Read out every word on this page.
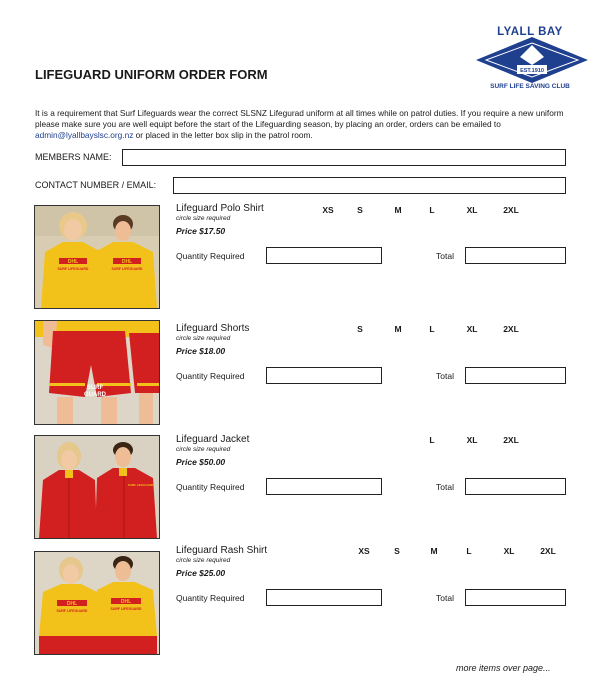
LYALL BAY
EST.1910
SURF LIFE SAVING CLUB
LIFEGUARD UNIFORM ORDER FORM
It is a requirement that Surf Lifeguards wear the correct SLSNZ Lifegurad uniform at all times while on patrol duties. If you require a new uniform please make sure you are well equipt before the start of the Lifeguarding season, by placing an order, orders can be emailed to admin@lyallbayslsc.org.nz or placed in the letter box slip in the patrol room.
MEMBERS NAME:
CONTACT NUMBER / EMAIL:
DHL	DHL
SURF LIFEGUARD	SURF LIFEGUARD
Lifeguard Polo Shirt
circle size required
Price $17.50
XS	S	M	L	XL	2XL
Quantity Required	Total
SURF
GUARD
Lifeguard Shorts
circle size required
Price $18.00
S	M	L	XL	2XL
Quantity Required	Total
SURF LIFEGUARD
Lifeguard Jacket
circle size required
Price $50.00
L	XL	2XL
Quantity Required	Total
DHL	DHL
SURF LIFEGUARD	SURF LIFEGUARD
Lifeguard Rash Shirt
circle size required
Price $25.00
XS	S	M	L	XL	2XL
Quantity Required	Total
more items over page...
